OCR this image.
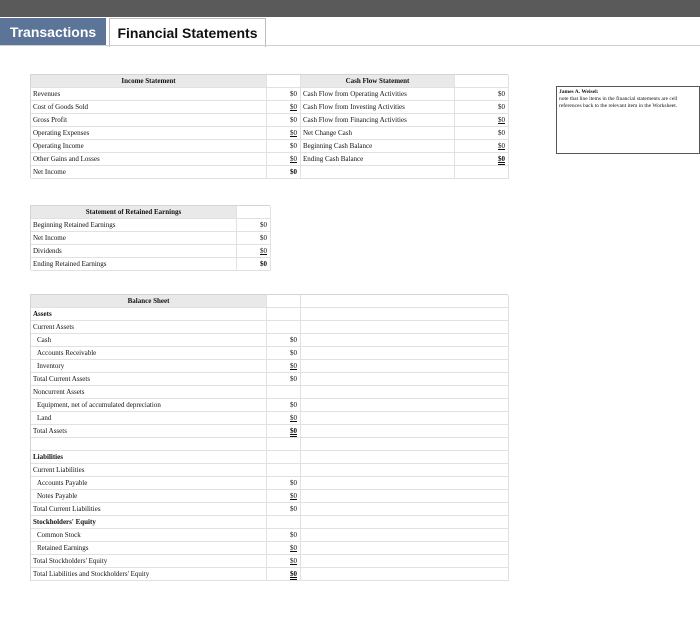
Transactions	Financial Statements
Income Statement	Cash Flow Statement
Revenues	$0 Cash Flow from Operating Activities	$0
Cost of Goods Sold	$0 Cash Flow from Investing Activities	$0
Gross Profit	$0 Cash Flow from Financing Activities	$0
Operating Expenses	$0 Net Change Cash	$0
Operating Income	$0 Beginning Cash Balance	$0
Other Gains and Losses	$0 Ending Cash Balance	$0
Net Income	$0
James A. Weisel:
note that line items in the financial statements are cell references back to the relevant item in the Worksheet.
Statement of Retained Earnings
Beginning Retained Earnings	$0
Net Income	$0
Dividends	$0
Ending Retained Earnings	$0
Balance Sheet
Assets
Current Assets
Cash	$0
Accounts Receivable	$0
Inventory	$0
Total Current Assets	$0
Noncurrent Assets
Equipment, net of accumulated depreciation	$0
Land	$0
Total Assets	$0
Liabilities
Current Liabilities
Accounts Payable	$0
Notes Payable	$0
Total Current Liabilities	$0
Stockholders' Equity
Common Stock	$0
Retained Earnings	$0
Total Stockholders' Equity	$0
Total Liabilities and Stockholders' Equity	$0
